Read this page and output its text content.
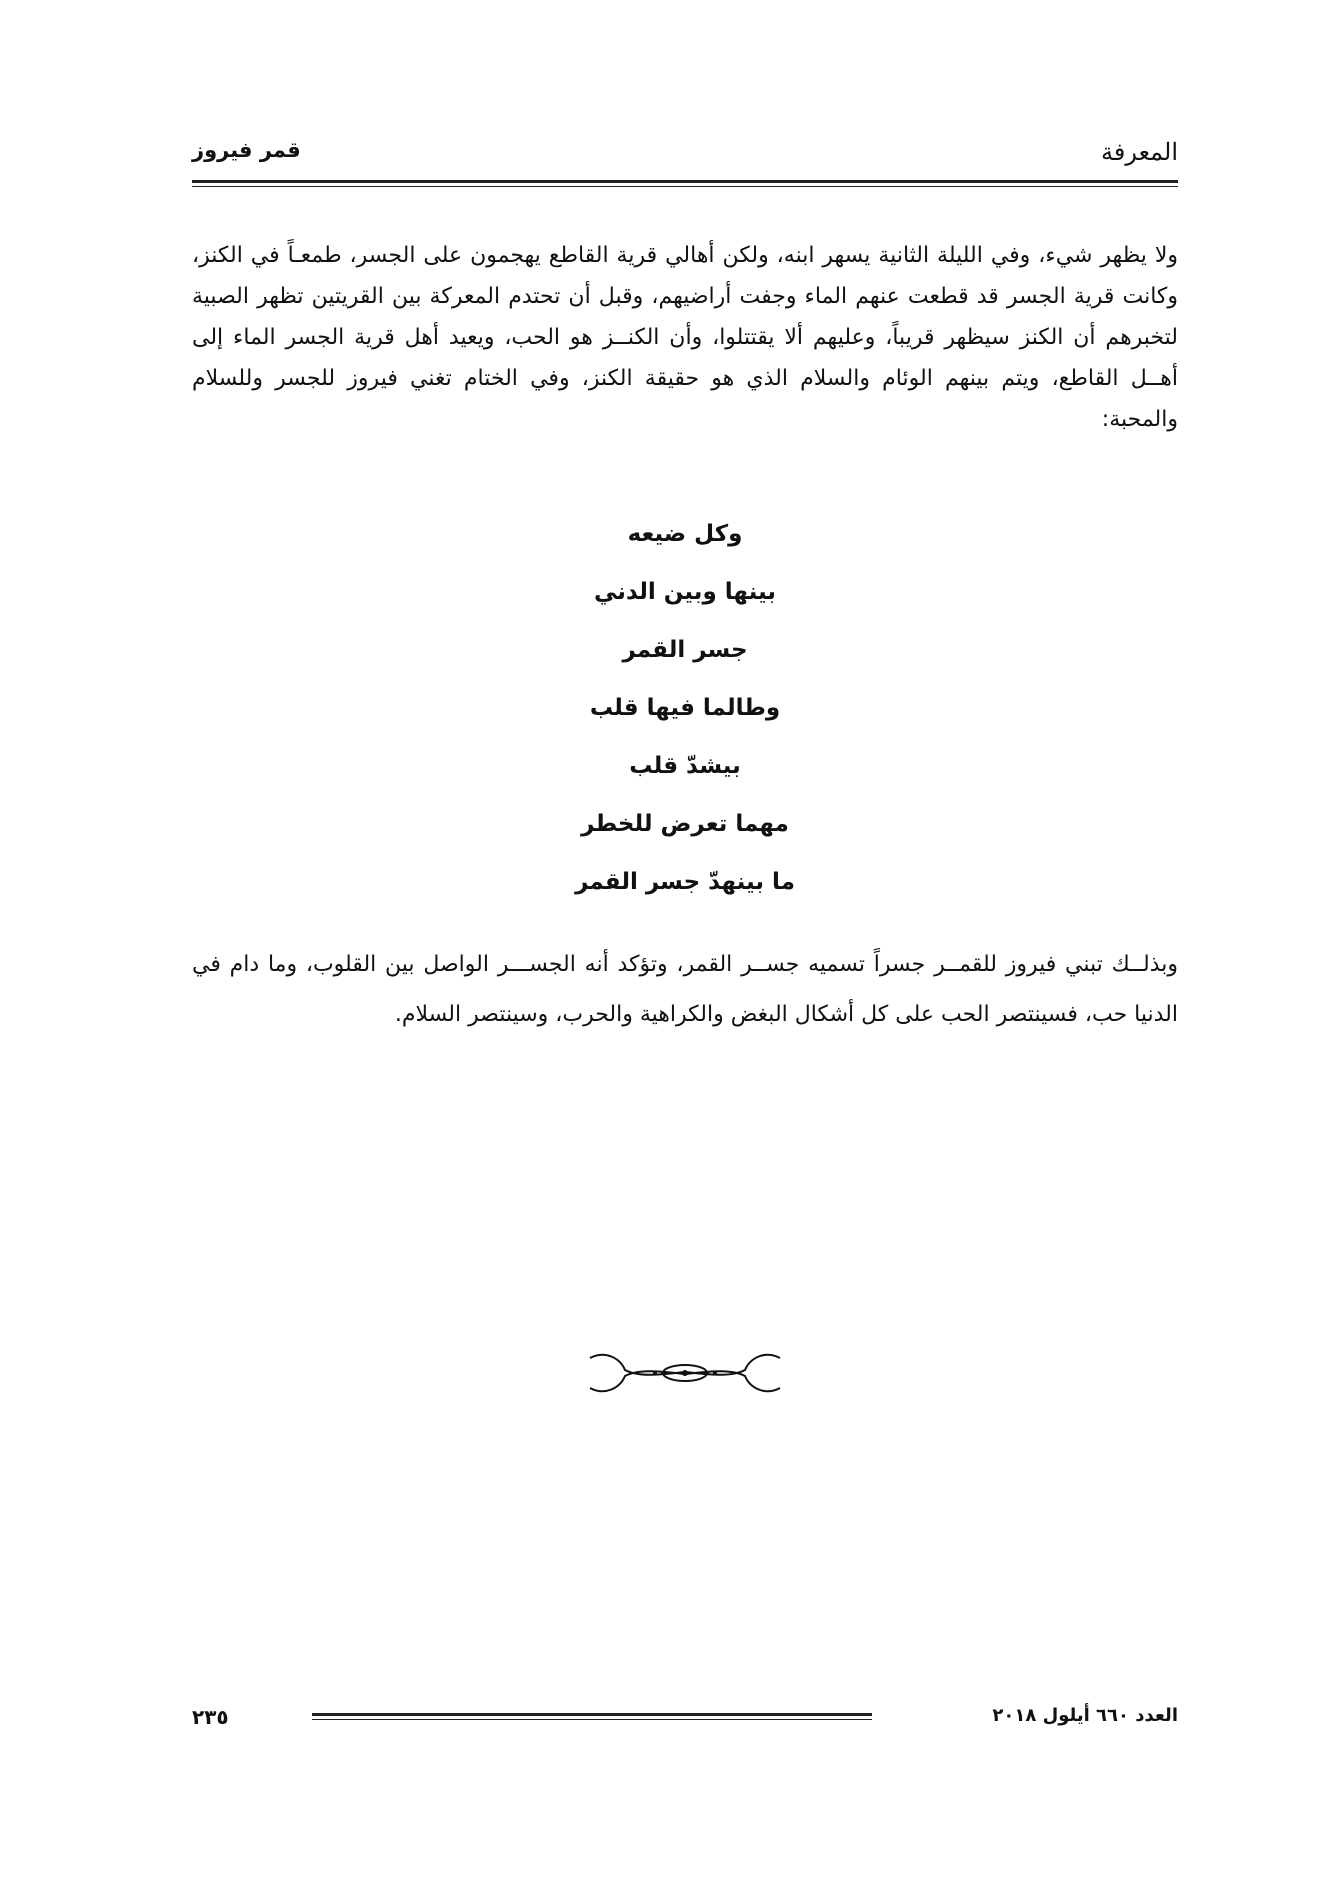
قمر فيروز	المعرفة

ولا يظهر شيء، وفي الليلة الثانية يسهر ابنه، ولكن أهالي قرية القاطع يهجمون على الجسر، طمعـاً في الكنز، وكانت قرية الجسر قد قطعت عنهم الماء وجفت أراضيهم، وقبل أن تحتدم المعركة بين القريتين تظهر الصبية لتخبرهم أن الكنز سيظهر قريباً، وعليهم ألا يقتتلوا، وأن الكنــز هو الحب، ويعيد أهل قرية الجسر الماء إلى أهــل القاطع، ويتم بينهم الوئام والسلام الذي هو حقيقة الكنز، وفي الختام تغني فيروز للجسر وللسلام والمحبة:

وكل ضيعه
بينها وبين الدني
جسر القمر
وطالما فيها قلب
بيشدّ قلب
مهما تعرض للخطر
ما بينهدّ جسر القمر

وبذلــك تبني فيروز للقمــر جسراً تسميه جســر القمر، وتؤكد أنه الجســـر الواصل بين القلوب، وما دام في الدنيا حب، فسينتصر الحب على كل أشكال البغض والكراهية والحرب، وسينتصر السلام.

٢٣٥	العدد ٦٦٠ أيلول ٢٠١٨
